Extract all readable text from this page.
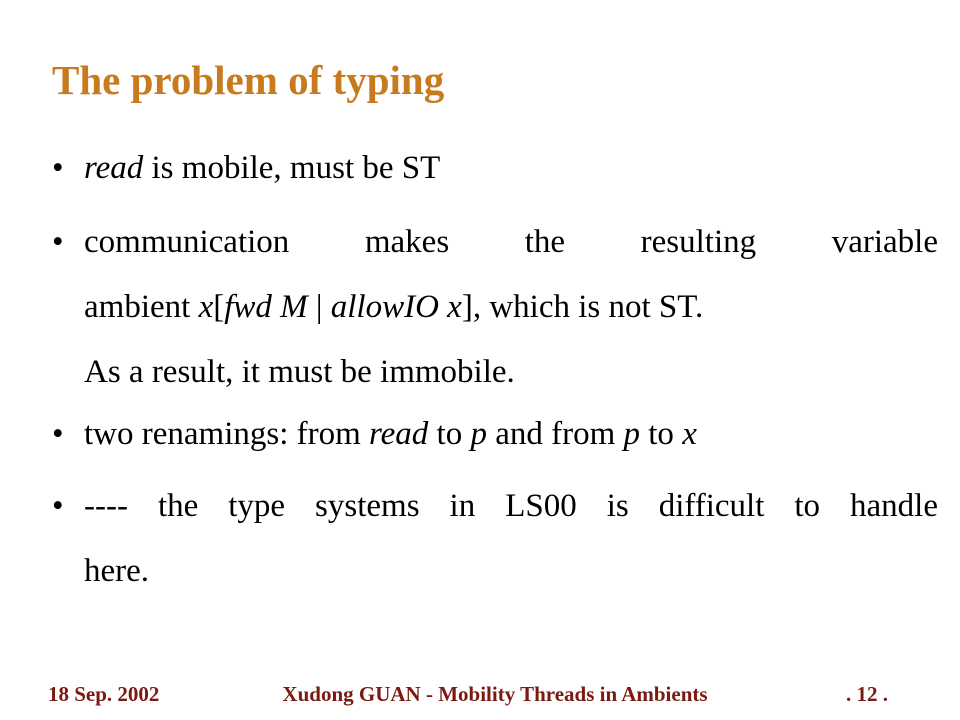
The problem of typing
• read is mobile, must be ST
• communication makes the resulting variable
ambient x[fwd M | allowIO x], which is not ST.
As a result, it must be immobile.
• two renamings: from read to p and from p to x
• ---- the type systems in LS00 is difficult to handle
here.
18 Sep. 2002	Xudong GUAN - Mobility Threads in Ambients	. 12 .
